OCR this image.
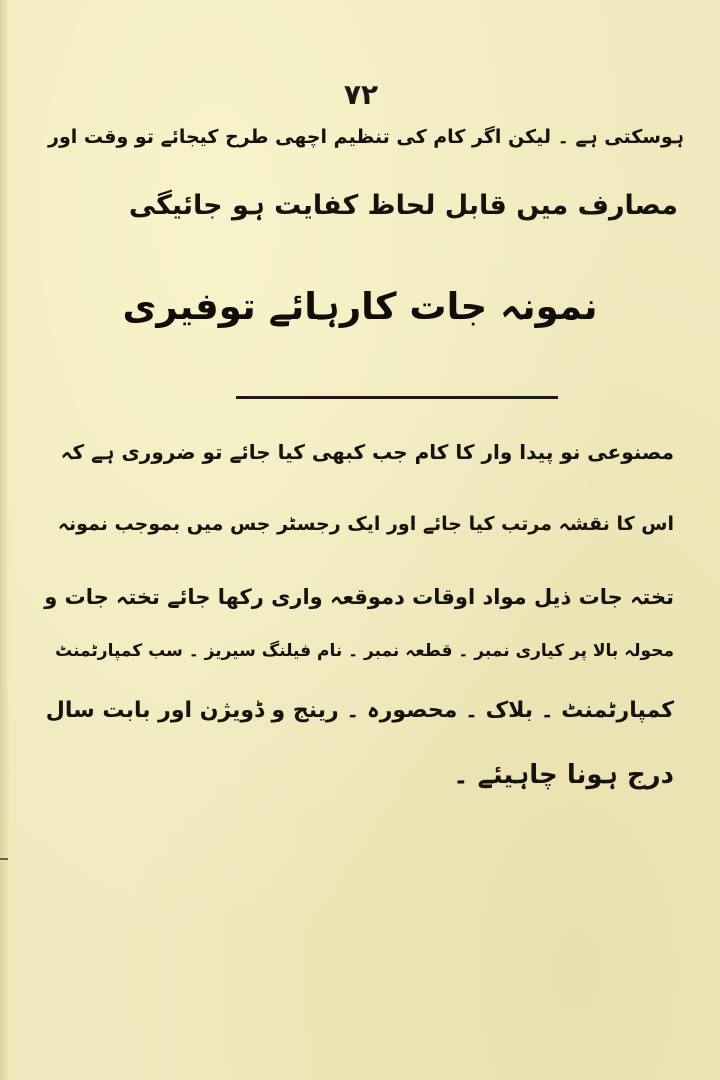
۷۲
ہوسکتی ہے ۔ لیکن اگر کام کی تنظیم اچھی طرح کیجائے تو وقت اور
مصارف میں قابل لحاظ کفایت ہو جائیگی
نمونہ جات کارہائے توفیری
مصنوعی نو پیدا وار کا کام جب کبھی کیا جائے تو ضروری ہے کہ
اس کا نقشہ مرتب کیا جائے اور ایک رجسٹر جس میں بموجب نمونہ
تختہ جات ذیل مواد اوقات دموقعہ واری رکھا جائے تختہ جات و
محولہ بالا پر کیاری نمبر ۔ قطعہ نمبر ۔ نام فیلنگ سیریز ۔ سب کمپارٹمنٹ
کمپارٹمنٹ ۔ بلاک ۔ محصورہ ۔ رینج و ڈویژن اور بابت سال
درج ہونا چاہیئے ۔
